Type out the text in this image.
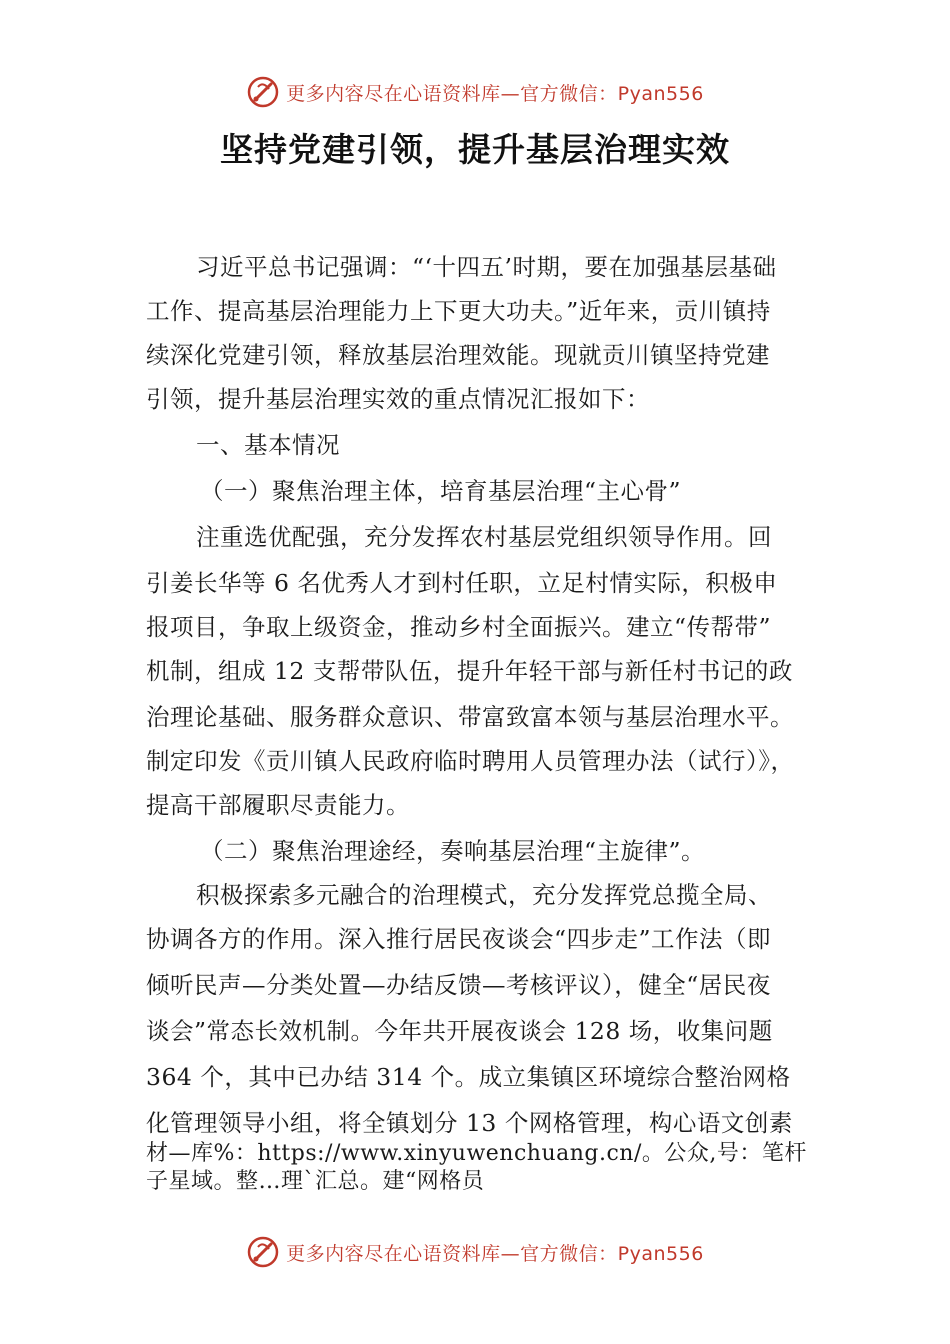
更多内容尽在心语资料库—官方微信：Pyan556
坚持党建引领，提升基层治理实效
习近平总书记强调：“‘十四五’时期，要在加强基层基础
工作、提高基层治理能力上下更大功夫。”近年来，贡川镇持
续深化党建引领，释放基层治理效能。现就贡川镇坚持党建
引领，提升基层治理实效的重点情况汇报如下：
一、基本情况
（一）聚焦治理主体，培育基层治理“主心骨”
注重选优配强，充分发挥农村基层党组织领导作用。回
引姜长华等 6 名优秀人才到村任职，立足村情实际，积极申
报项目，争取上级资金，推动乡村全面振兴。建立“传帮带”
机制，组成 12 支帮带队伍，提升年轻干部与新任村书记的政
治理论基础、服务群众意识、带富致富本领与基层治理水平。
制定印发《贡川镇人民政府临时聘用人员管理办法（试行）》，
提高干部履职尽责能力。
（二）聚焦治理途经，奏响基层治理“主旋律”。
积极探索多元融合的治理模式，充分发挥党总揽全局、
协调各方的作用。深入推行居民夜谈会“四步走”工作法（即
倾听民声—分类处置—办结反馈—考核评议），健全“居民夜
谈会”常态长效机制。今年共开展夜谈会 128 场，收集问题
364 个，其中已办结 314 个。成立集镇区环境综合整治网格
化管理领导小组，将全镇划分 13 个网格管理，构心语文创素
材—库%：https://www.xinyuwenchuang.cn/。公众,号：笔杆
子星域。整…理`汇总。建“网格员
更多内容尽在心语资料库—官方微信：Pyan556
